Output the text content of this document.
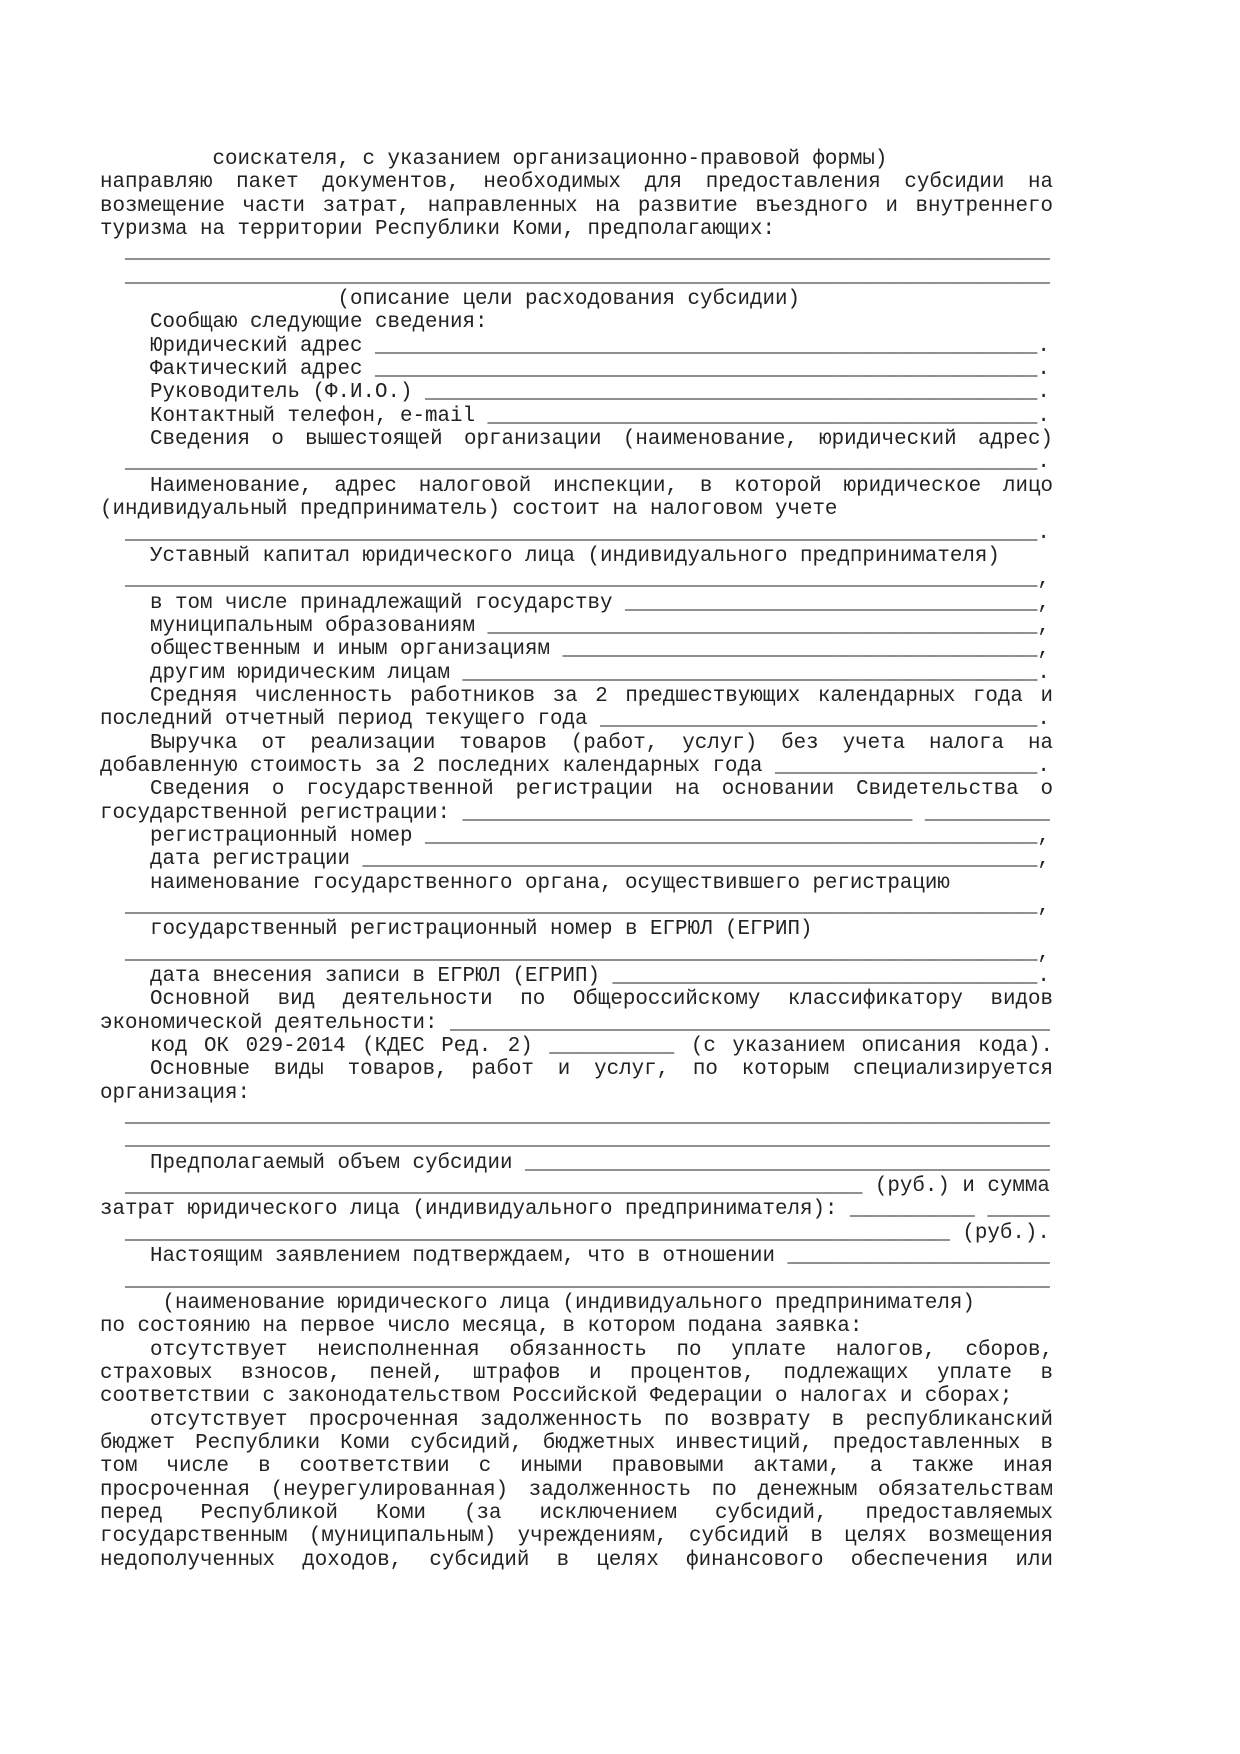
соискателя, с указанием организационно-правовой формы)
направляю пакет документов, необходимых для предоставления субсидии на
возмещение части затрат, направленных на развитие въездного и внутреннего
туризма на территории Республики Коми, предполагающих:
__________________________________________________________________________
__________________________________________________________________________
(описание цели расходования субсидии)
Сообщаю следующие сведения:
Юридический адрес _____________________________________________________.
Фактический адрес _____________________________________________________.
Руководитель (Ф.И.О.) _________________________________________________.
Контактный телефон, e-mail ____________________________________________.
Сведения о вышестоящей организации (наименование, юридический адрес)
_________________________________________________________________________.
Наименование, адрес налоговой инспекции, в которой юридическое лицо
(индивидуальный предприниматель) состоит на налоговом учете
_________________________________________________________________________.
Уставный капитал юридического лица (индивидуального предпринимателя)
_________________________________________________________________________,
в том числе принадлежащий государству _________________________________,
муниципальным образованиям ____________________________________________,
общественным и иным организациям ______________________________________,
другим юридическим лицам ______________________________________________.
Средняя численность работников за 2 предшествующих календарных года и
последний отчетный период текущего года ___________________________________.
Выручка от реализации товаров (работ, услуг) без учета налога на
добавленную стоимость за 2 последних календарных года _____________________.
Сведения о государственной регистрации на основании Свидетельства о
государственной регистрации: ____________________________________ __________
регистрационный номер _________________________________________________,
дата регистрации ______________________________________________________,
наименование государственного органа, осуществившего регистрацию
_________________________________________________________________________,
государственный регистрационный номер в ЕГРЮЛ (ЕГРИП)
_________________________________________________________________________,
дата внесения записи в ЕГРЮЛ (ЕГРИП) __________________________________.
Основной вид деятельности по Общероссийскому классификатору видов
экономической деятельности: ________________________________________________
код ОК 029-2014 (КДЕС Ред. 2) __________ (с указанием описания кода).
Основные виды товаров, работ и услуг, по которым специализируется
организация:
__________________________________________________________________________
__________________________________________________________________________
Предполагаемый объем субсидии __________________________________________
___________________________________________________________ (руб.) и сумма
затрат юридического лица (индивидуального предпринимателя): __________ _____
__________________________________________________________________ (руб.).
Настоящим заявлением подтверждаем, что в отношении _____________________
__________________________________________________________________________
(наименование юридического лица (индивидуального предпринимателя)
по состоянию на первое число месяца, в котором подана заявка:
отсутствует неисполненная обязанность по уплате налогов, сборов,
страховых взносов, пеней, штрафов и процентов, подлежащих уплате в
соответствии с законодательством Российской Федерации о налогах и сборах;
отсутствует просроченная задолженность по возврату в республиканский
бюджет Республики Коми субсидий, бюджетных инвестиций, предоставленных в
том числе в соответствии с иными правовыми актами, а также иная
просроченная (неурегулированная) задолженность по денежным обязательствам
перед Республикой Коми (за исключением субсидий, предоставляемых
государственным (муниципальным) учреждениям, субсидий в целях возмещения
недополученных доходов, субсидий в целях финансового обеспечения или
